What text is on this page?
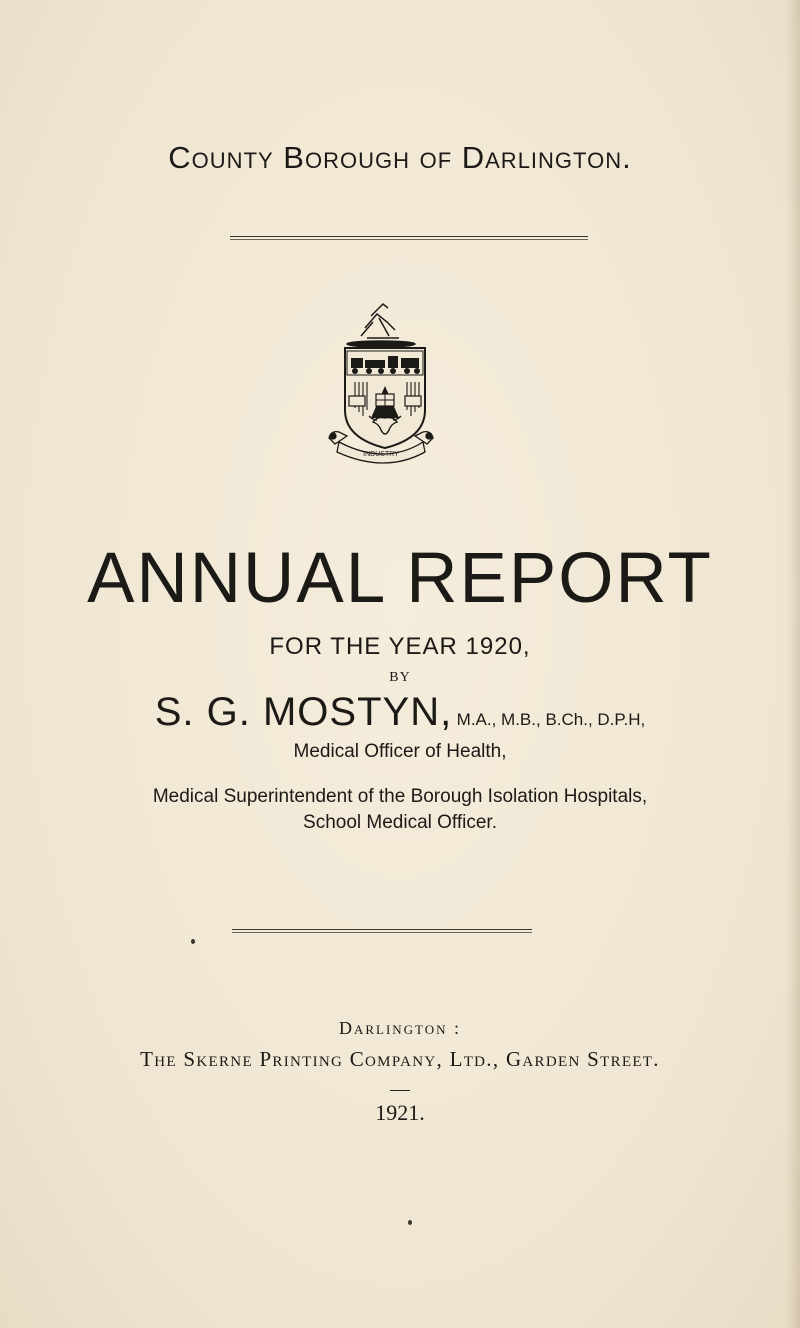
County Borough of Darlington.
INDUSTRY
ANNUAL REPORT
FOR THE YEAR 1920,
BY
S. G. MOSTYN, M.A., M.B., B.Ch., D.P.H,
Medical Officer of Health,
Medical Superintendent of the Borough Isolation Hospitals,
School Medical Officer.
Darlington :
The Skerne Printing Company, Ltd., Garden Street.
1921.
